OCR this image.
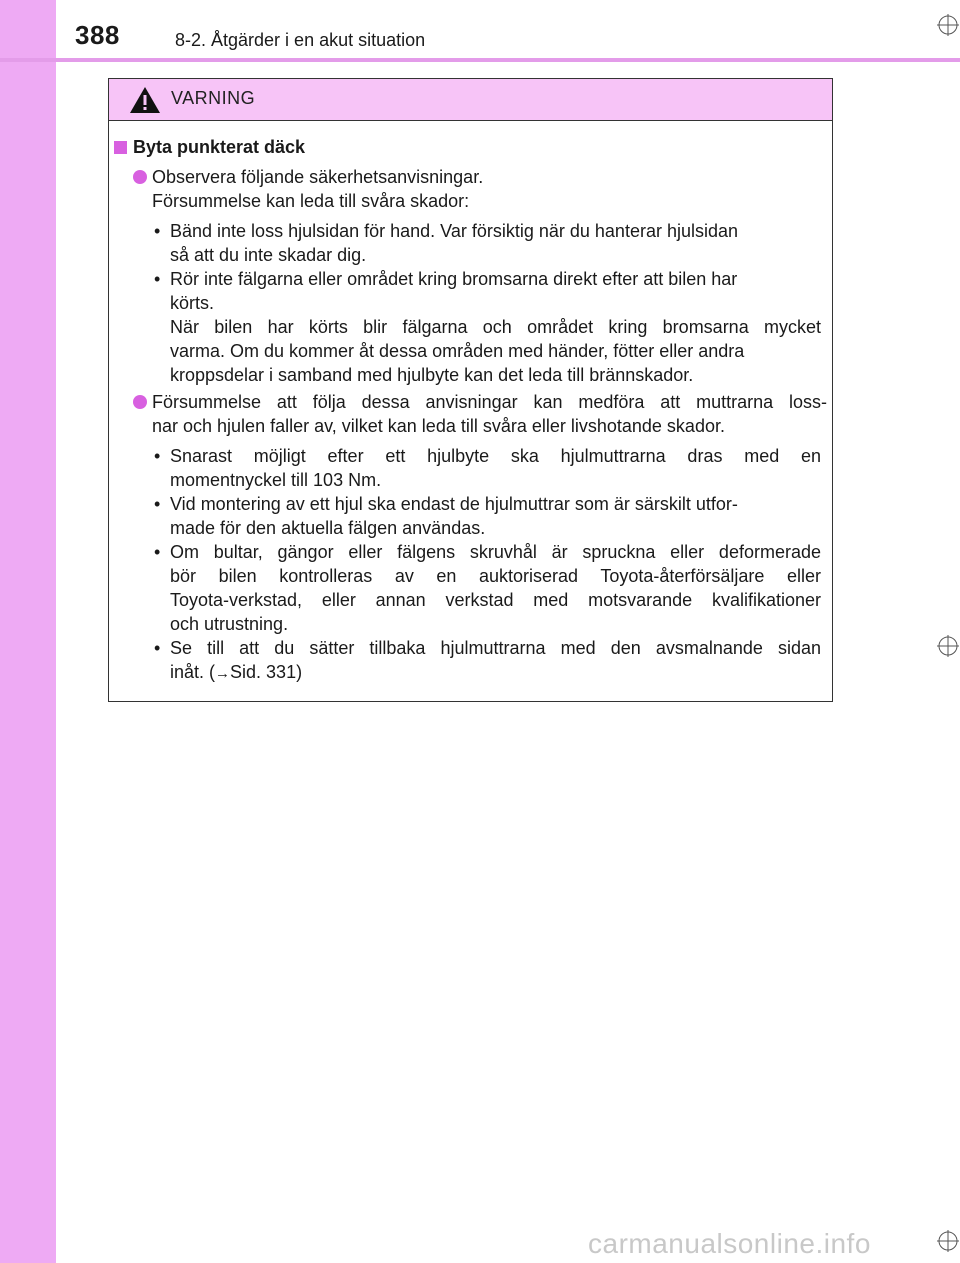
388	8-2. Åtgärder i en akut situation
VARNING
Byta punkterat däck
Observera följande säkerhetsanvisningar.
Försummelse kan leda till svåra skador:
• Bänd inte loss hjulsidan för hand. Var försiktig när du hanterar hjulsidan
så att du inte skadar dig.
• Rör inte fälgarna eller området kring bromsarna direkt efter att bilen har
körts.
När bilen har körts blir fälgarna och området kring bromsarna mycket
varma. Om du kommer åt dessa områden med händer, fötter eller andra
kroppsdelar i samband med hjulbyte kan det leda till brännskador.
Försummelse att följa dessa anvisningar kan medföra att muttrarna loss-
nar och hjulen faller av, vilket kan leda till svåra eller livshotande skador.
• Snarast möjligt efter ett hjulbyte ska hjulmuttrarna dras med en
momentnyckel till 103 Nm.
• Vid montering av ett hjul ska endast de hjulmuttrar som är särskilt utfor-
made för den aktuella fälgen användas.
• Om bultar, gängor eller fälgens skruvhål är spruckna eller deformerade
bör bilen kontrolleras av en auktoriserad Toyota-återförsäljare eller
Toyota-verkstad, eller annan verkstad med motsvarande kvalifikationer
och utrustning.
• Se till att du sätter tillbaka hjulmuttrarna med den avsmalnande sidan
inåt. (→Sid. 331)
carmanualsonline.info
